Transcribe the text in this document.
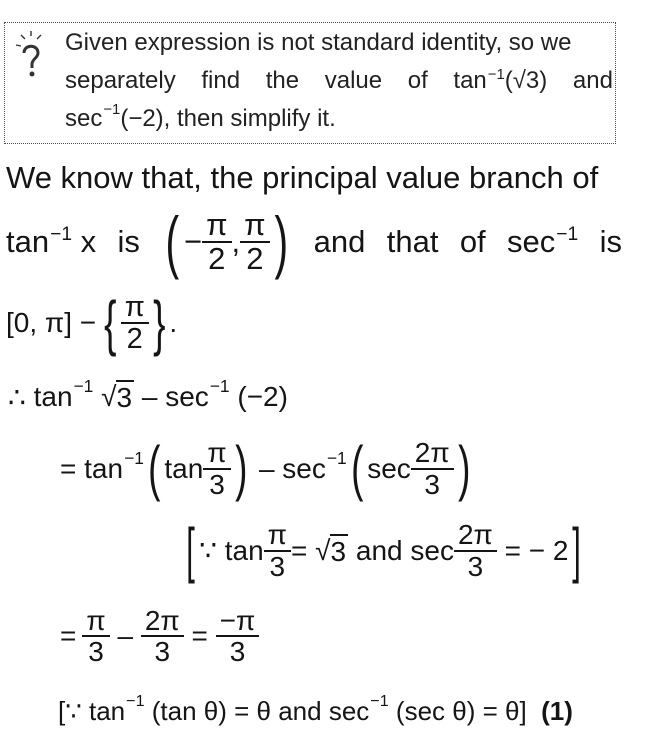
Given expression is not standard identity, so we
separately find the value of $\tan^{-1}(√3)$ and
sec −1 (−2), then simplify it.
We know that, the principal value branch of
$\tan^{-1} x$ is ( − $\frac{\pi}{2}$ ,
π
2 ) and that of $\sec^{-1}$ is
[0, π] − { π
2 } .
∴
tan −1 √ 3
–
sec −1
(−2)
= tan −1 ( tan π
3 )
–
sec −1 ( sec 2π
3 )
[ ∵
$\tan \frac{\pi}{3}$ = √ 3
and
$\sec \frac{2\pi}{3}$
= − 2 ]
= $\frac{\pi}{3}$
–
$\frac{2\pi}{3}$
=
$\frac{-\pi}{3}$
[∵
tan −1
(tan θ) = θ and sec −1
(sec θ) = θ]
(1)
